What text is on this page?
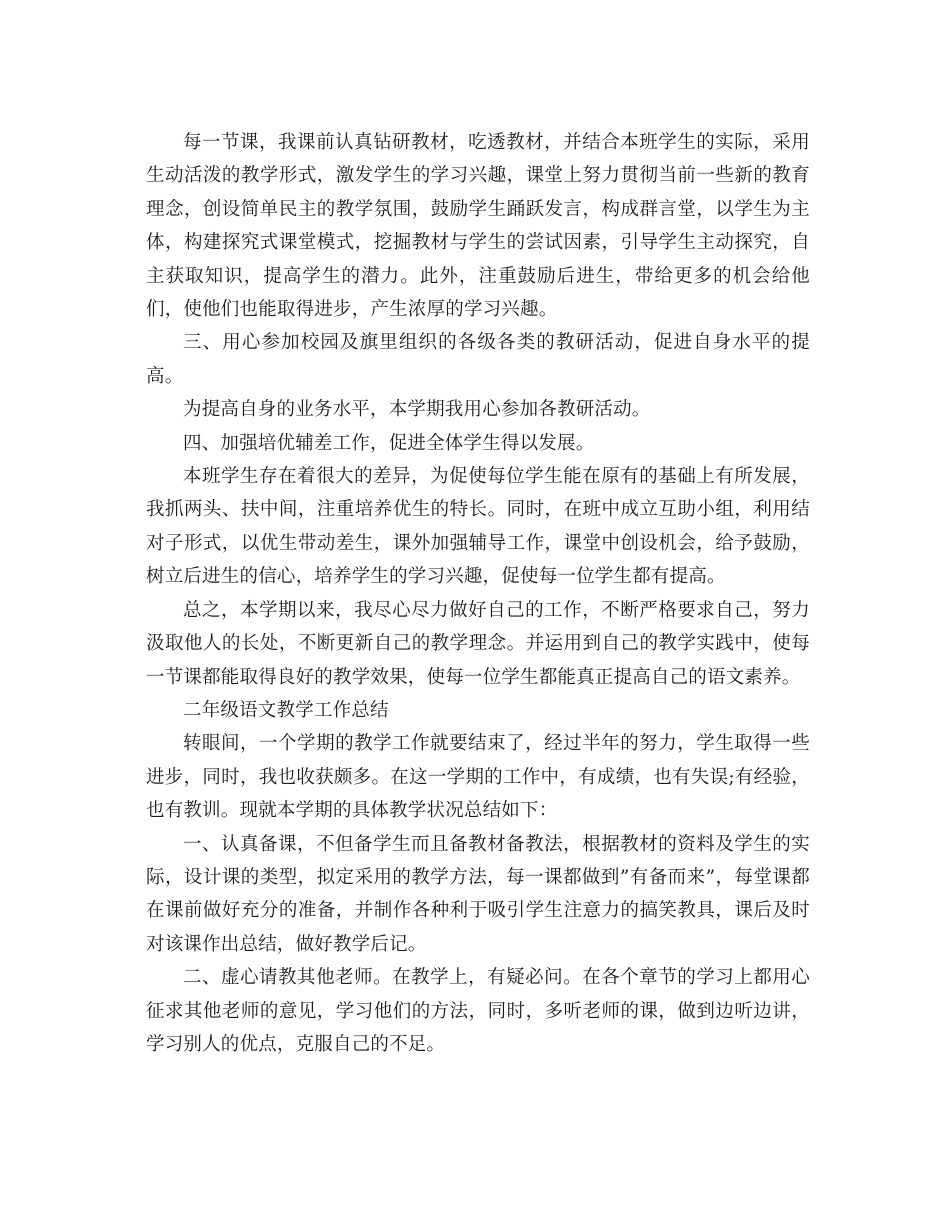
每一节课，我课前认真钻研教材，吃透教材，并结合本班学生的实际，采用生动活泼的教学形式，激发学生的学习兴趣，课堂上努力贯彻当前一些新的教育理念，创设简单民主的教学氛围，鼓励学生踊跃发言，构成群言堂，以学生为主体，构建探究式课堂模式，挖掘教材与学生的尝试因素，引导学生主动探究，自主获取知识，提高学生的潜力。此外，注重鼓励后进生，带给更多的机会给他们，使他们也能取得进步，产生浓厚的学习兴趣。

三、用心参加校园及旗里组织的各级各类的教研活动，促进自身水平的提高。

为提高自身的业务水平，本学期我用心参加各教研活动。

四、加强培优辅差工作，促进全体学生得以发展。

本班学生存在着很大的差异，为促使每位学生能在原有的基础上有所发展，我抓两头、扶中间，注重培养优生的特长。同时，在班中成立互助小组，利用结对子形式，以优生带动差生，课外加强辅导工作，课堂中创设机会，给予鼓励，树立后进生的信心，培养学生的学习兴趣，促使每一位学生都有提高。

总之，本学期以来，我尽心尽力做好自己的工作，不断严格要求自己，努力汲取他人的长处，不断更新自己的教学理念。并运用到自己的教学实践中，使每一节课都能取得良好的教学效果，使每一位学生都能真正提高自己的语文素养。

二年级语文教学工作总结

转眼间，一个学期的教学工作就要结束了，经过半年的努力，学生取得一些进步，同时，我也收获颇多。在这一学期的工作中，有成绩，也有失误;有经验，也有教训。现就本学期的具体教学状况总结如下：

一、认真备课，不但备学生而且备教材备教法，根据教材的资料及学生的实际，设计课的类型，拟定采用的教学方法，每一课都做到”有备而来”，每堂课都在课前做好充分的准备，并制作各种利于吸引学生注意力的搞笑教具，课后及时对该课作出总结，做好教学后记。

二、虚心请教其他老师。在教学上，有疑必问。在各个章节的学习上都用心征求其他老师的意见，学习他们的方法，同时，多听老师的课，做到边听边讲，学习别人的优点，克服自己的不足。
